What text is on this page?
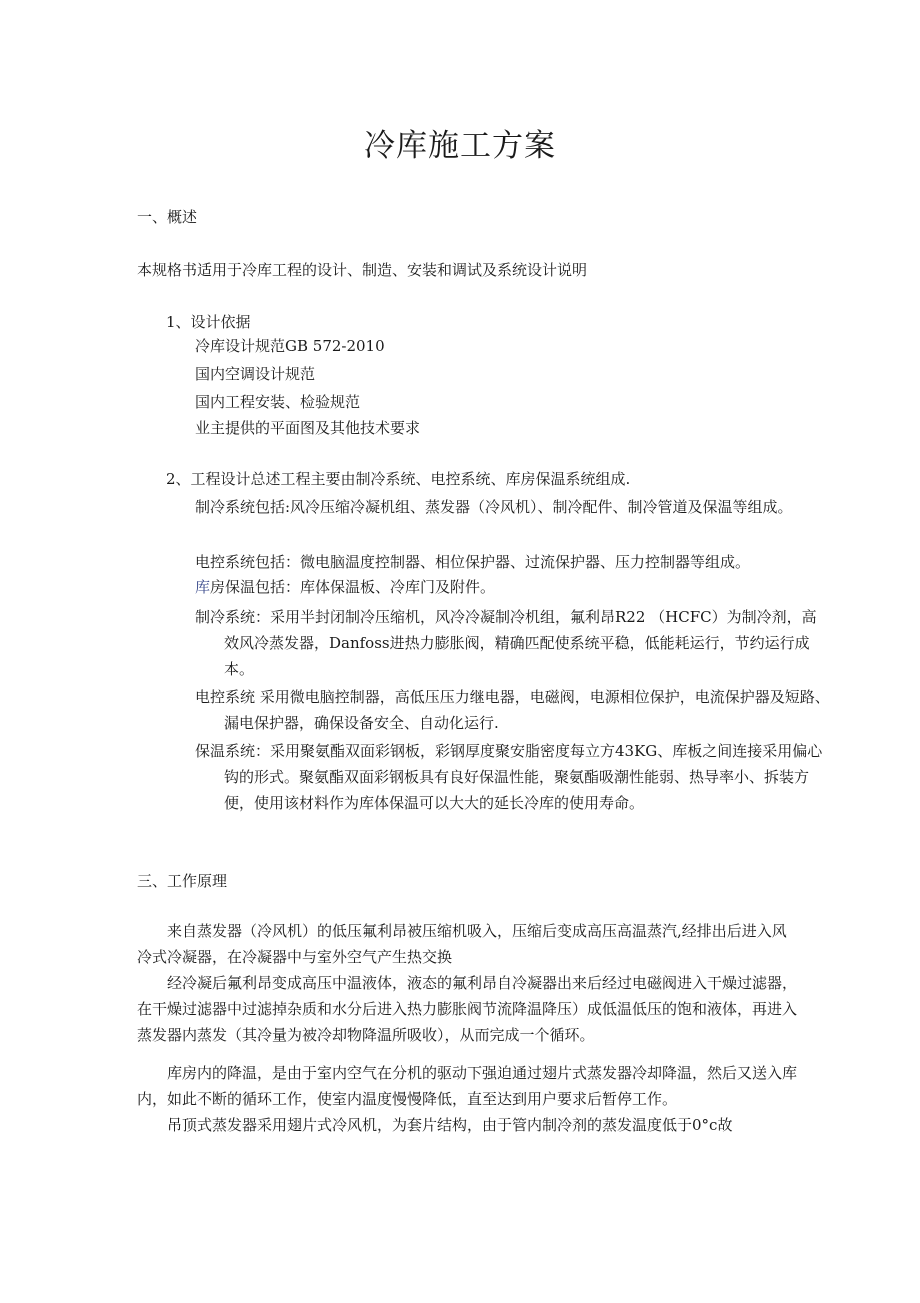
冷库施工方案
一、概述
本规格书适用于冷库工程的设计、制造、安装和调试及系统设计说明
1、设计依据
冷库设计规范GB 572-2010
国内空调设计规范
国内工程安装、检验规范
业主提供的平面图及其他技术要求
2、工程设计总述工程主要由制冷系统、电控系统、库房保温系统组成.
制冷系统包括:风冷压缩冷凝机组、蒸发器（冷风机）、制冷配件、制冷管道及保温等组成。
电控系统包括：微电脑温度控制器、相位保护器、过流保护器、压力控制器等组成。
库房保温包括：库体保温板、冷库门及附件。
制冷系统：采用半封闭制冷压缩机，风冷冷凝制冷机组，氟利昂R22 （HCFC）为制冷剂，高效风冷蒸发器，Danfoss进热力膨胀阀，精确匹配使系统平稳，低能耗运行，节约运行成本。
电控系统 采用微电脑控制器，高低压压力继电器，电磁阀，电源相位保护，电流保护器及短路、漏电保护器，确保设备安全、自动化运行.
保温系统：采用聚氨酯双面彩钢板，彩钢厚度聚安脂密度每立方43KG、库板之间连接采用偏心钩的形式。聚氨酯双面彩钢板具有良好保温性能，聚氨酯吸潮性能弱、热导率小、拆装方便，使用该材料作为库体保温可以大大的延长冷库的使用寿命。
三、工作原理
来自蒸发器（冷风机）的低压氟利昂被压缩机吸入，压缩后变成高压高温蒸汽,经排出后进入风冷式冷凝器，在冷凝器中与室外空气产生热交换
经冷凝后氟利昂变成高压中温液体，液态的氟利昂自冷凝器出来后经过电磁阀进入干燥过滤器，在干燥过滤器中过滤掉杂质和水分后进入热力膨胀阀节流降温降压）成低温低压的饱和液体，再进入蒸发器内蒸发（其冷量为被冷却物降温所吸收），从而完成一个循环。
库房内的降温，是由于室内空气在分机的驱动下强迫通过翅片式蒸发器冷却降温，然后又送入库内，如此不断的循环工作，使室内温度慢慢降低，直至达到用户要求后暂停工作。
吊顶式蒸发器采用翅片式冷风机，为套片结构，由于管内制冷剂的蒸发温度低于0°c故
